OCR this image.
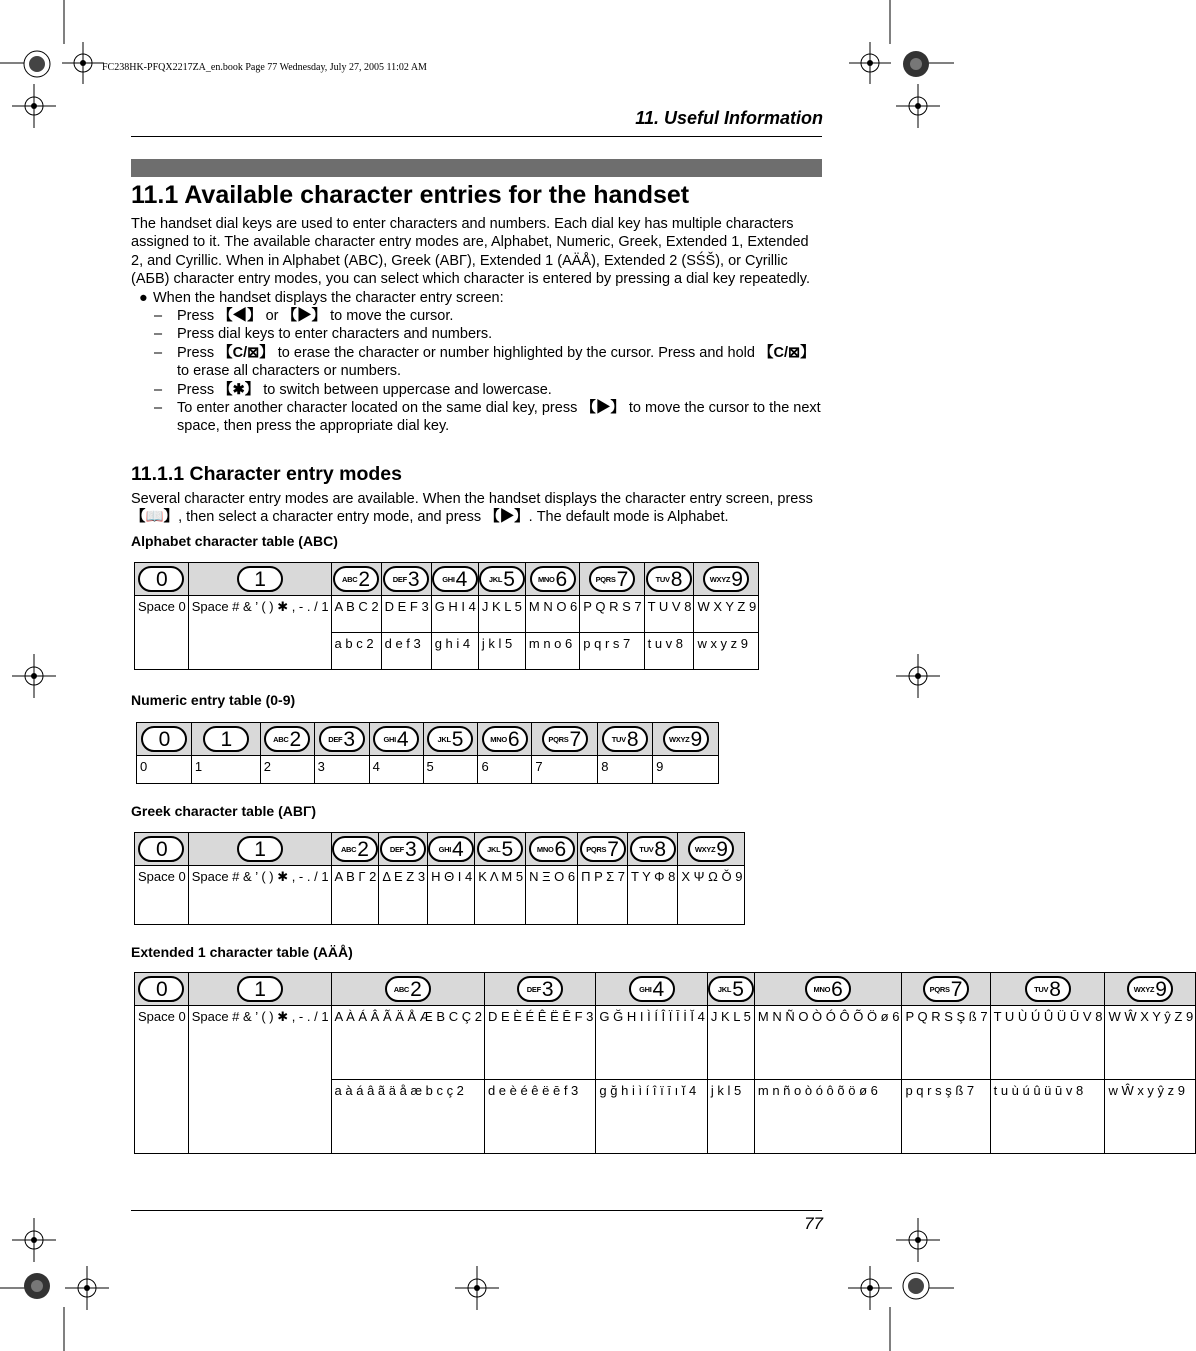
FC238HK-PFQX2217ZA_en.book Page 77 Wednesday, July 27, 2005 11:02 AM
11. Useful Information
11.1 Available character entries for the handset

The handset dial keys are used to enter characters and numbers. Each dial key has multiple characters assigned to it. The available character entry modes are, Alphabet, Numeric, Greek, Extended 1, Extended 2, and Cyrillic. When in Alphabet (ABC), Greek (ΑΒΓ), Extended 1 (AÄÅ), Extended 2 (SŚŠ), or Cyrillic (АБВ) character entry modes, you can select which character is entered by pressing a dial key repeatedly.

● When the handset displays the character entry screen:
– Press 【◀】 or 【▶】 to move the cursor.
– Press dial keys to enter characters and numbers.
– Press 【C/⊠】 to erase the character or number highlighted by the cursor. Press and hold 【C/⊠】 to erase all characters or numbers.
– Press 【✱】 to switch between uppercase and lowercase.
– To enter another character located on the same dial key, press 【▶】 to move the cursor to the next space, then press the appropriate dial key.
11.1.1 Character entry modes
Several character entry modes are available. When the handset displays the character entry screen, press 【📖】, then select a character entry mode, and press 【▶】. The default mode is Alphabet.
Alphabet character table (ABC)
0	1	ABC 2	DEF 3	GHI 4	JKL 5	MNO 6	PQRS 7	TUV 8	WXYZ 9

Space 0	Space # & ’ ( ) ✱ , - . / 1	A B C 2	D E F 3	G H I 4	J K L 5	M N O 6	P Q R S 7	T U V 8	W X Y Z 9
		a b c 2	d e f 3	g h i 4	j k l 5	m n o 6	p q r s 7	t u v 8	w x y z 9
Numeric entry table (0-9)
0	1	ABC 2	DEF 3	GHI 4	JKL 5	MNO 6	PQRS 7	TUV 8	WXYZ 9

0	1	2	3	4	5	6	7	8	9
Greek character table (ΑΒΓ)
0	1	ABC 2	DEF 3	GHI 4	JKL 5	MNO 6	PQRS 7	TUV 8	WXYZ 9

Space 0	Space # & ’ ( ) ✱ , - . / 1	Α Β Γ 2	Δ Ε Ζ 3	Η Θ Ι 4	Κ Λ Μ 5	Ν Ξ Ο 6	Π Ρ Σ 7	Τ Υ Φ 8	Χ Ψ Ω Ǒ 9
Extended 1 character table (AÄÅ)
0	1	ABC 2	DEF 3	GHI 4	JKL 5	MNO 6	PQRS 7	TUV 8	WXYZ 9

Space 0	Space # & ’ ( ) ✱ , - . / 1	A À Á Â Ã Ä Å Æ B C Ç 2	D E È É Ê Ë Ē F 3	G Ğ H I Ì Í Î Ï Ī İ Ĭ 4	J K L 5	M N Ñ O Ò Ó Ô Õ Ö ø 6	P Q R S Ş ß 7	T U Ù Ú Û Ü Ū V 8	W Ŵ X Y ŷ Z 9
		a à á â ã ä å æ b c ç 2	d e è é ê ë ē f 3	g ğ h i ì í î ï ī ı ĭ 4	j k l 5	m n ñ o ò ó ô õ ö ø 6	p q r s ş ß 7	t u ù ú û ü ū v 8	w Ŵ x y ŷ z 9
77
